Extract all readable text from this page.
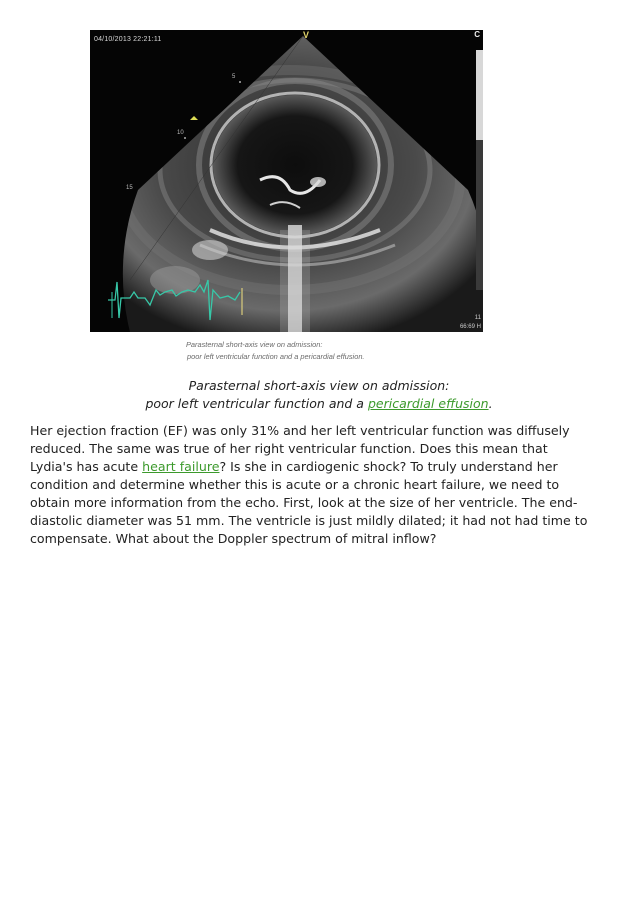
04/10/2013 22:21:11	V	C
5
10
15
11
66:69 H
Parasternal short-axis view on admission:
poor left ventricular function and a pericardial effusion.
Parasternal short-axis view on admission:
poor left ventricular function and a pericardial effusion.
Her ejection fraction (EF) was only 31% and her left ventricular function was diffusely
reduced. The same was true of her right ventricular function. Does this mean that
Lydia's has acute heart failure? Is she in cardiogenic shock? To truly understand her
condition and determine whether this is acute or a chronic heart failure, we need to
obtain more information from the echo. First, look at the size of her ventricle. The end-
diastolic diameter was 51 mm. The ventricle is just mildly dilated; it had not had time to
compensate. What about the Doppler spectrum of mitral inflow?
